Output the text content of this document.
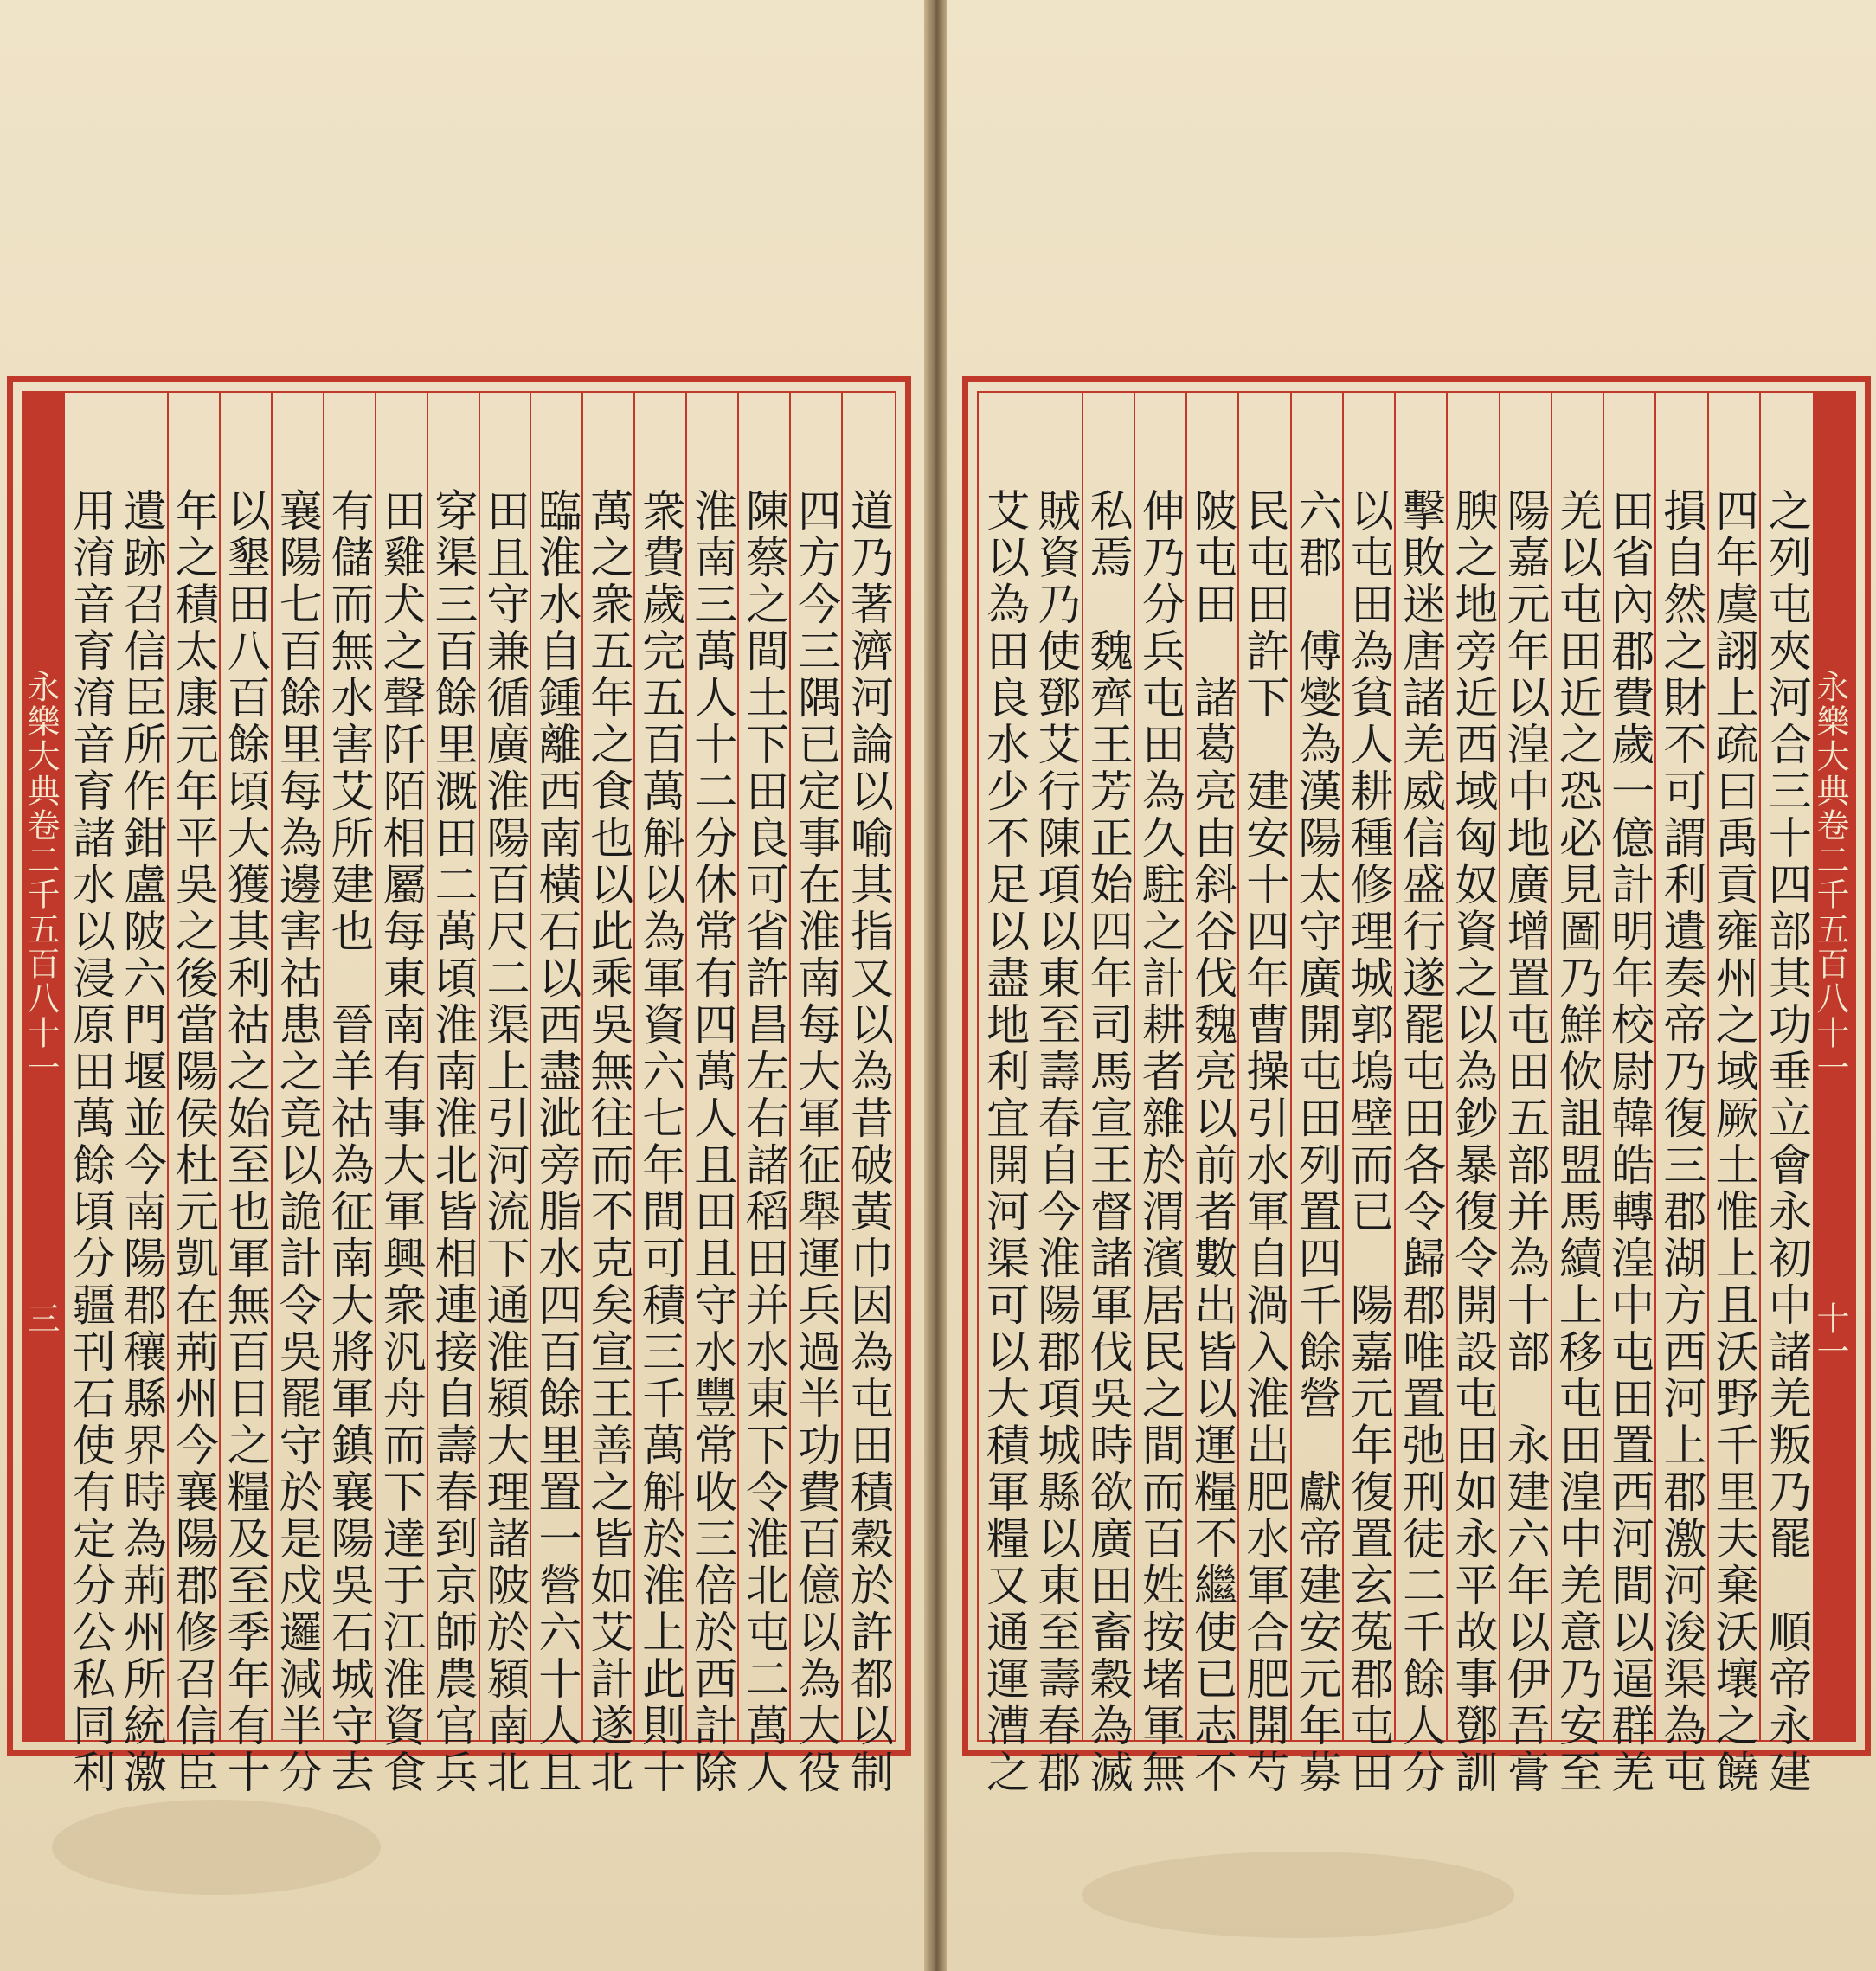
永樂大典卷二千五百八十一
三	道乃著濟河論以喻其指又以為昔破黃巾因為屯田積穀於許都以制
四方今三隅已定事在淮南每大軍征舉運兵過半功費百億以為大役
陳蔡之間土下田良可省許昌左右諸稻田并水東下令淮北屯二萬人
淮南三萬人十二分休常有四萬人且田且守水豐常收三倍於西計除
衆費歲完五百萬斛以為軍資六七年間可積三千萬斛於淮上此則十
萬之衆五年之食也以此乘吳無往而不克矣宣王善之皆如艾計遂北
臨淮水自鍾離西南橫石以西盡泚旁脂水四百餘里置一營六十人且
田且守兼循廣淮陽百尺二渠上引河流下通淮潁大理諸陂於潁南北
穿渠三百餘里溉田二萬頃淮南淮北皆相連接自壽春到京師農官兵
田雞犬之聲阡陌相屬每東南有事大軍興衆汎舟而下達于江淮資食
有儲而無水害艾所建也　晉羊祜為征南大將軍鎮襄陽吳石城守去
襄陽七百餘里每為邊害祜患之竟以詭計令吳罷守於是戍邏減半分
以墾田八百餘頃大獲其利祜之始至也軍無百日之糧及至季年有十
年之積太康元年平吳之後當陽侯杜元凱在荊州今襄陽郡修召信臣
遺跡召信臣所作鉗盧陂六門堰並今南陽郡穰縣界時為荊州所統激
用淯音育淯音育諸水以浸原田萬餘頃分疆刊石使有定分公私同利	永樂大典卷二千五百八十一
十一
之列屯夾河合三十四部其功垂立會永初中諸羌叛乃罷　順帝永建
四年虞詡上疏曰禹貢雍州之域厥土惟上且沃野千里夫棄沃壤之饒
損自然之財不可謂利遺奏帝乃復三郡湖方西河上郡激河浚渠為屯
田省內郡費歲一億計明年校尉韓皓轉湟中屯田置西河間以逼群羌
羌以屯田近之恐必見圖乃鮮佽詛盟馬續上移屯田湟中羌意乃安至
陽嘉元年以湟中地廣增置屯田五部并為十部　永建六年以伊吾膏
腴之地旁近西域匈奴資之以為鈔暴復令開設屯田如永平故事鄧訓
擊敗迷唐諸羌威信盛行遂罷屯田各令歸郡唯置弛刑徒二千餘人分
以屯田為貧人耕種修理城郭塢壁而已　陽嘉元年復置玄菟郡屯田
六郡　傅燮為漢陽太守廣開屯田列置四千餘營　獻帝建安元年募
民屯田許下　建安十四年曹操引水軍自渦入淮出肥水軍合肥開芍
陂屯田　諸葛亮由斜谷伐魏亮以前者數出皆以運糧不繼使已志不
伸乃分兵屯田為久駐之計耕者雜於渭濱居民之間而百姓按堵軍無
私焉　魏齊王芳正始四年司馬宣王督諸軍伐吳時欲廣田畜穀為滅
賊資乃使鄧艾行陳項以東至壽春自今淮陽郡項城縣以東至壽春郡
艾以為田良水少不足以盡地利宜開河渠可以大積軍糧又通運漕之
